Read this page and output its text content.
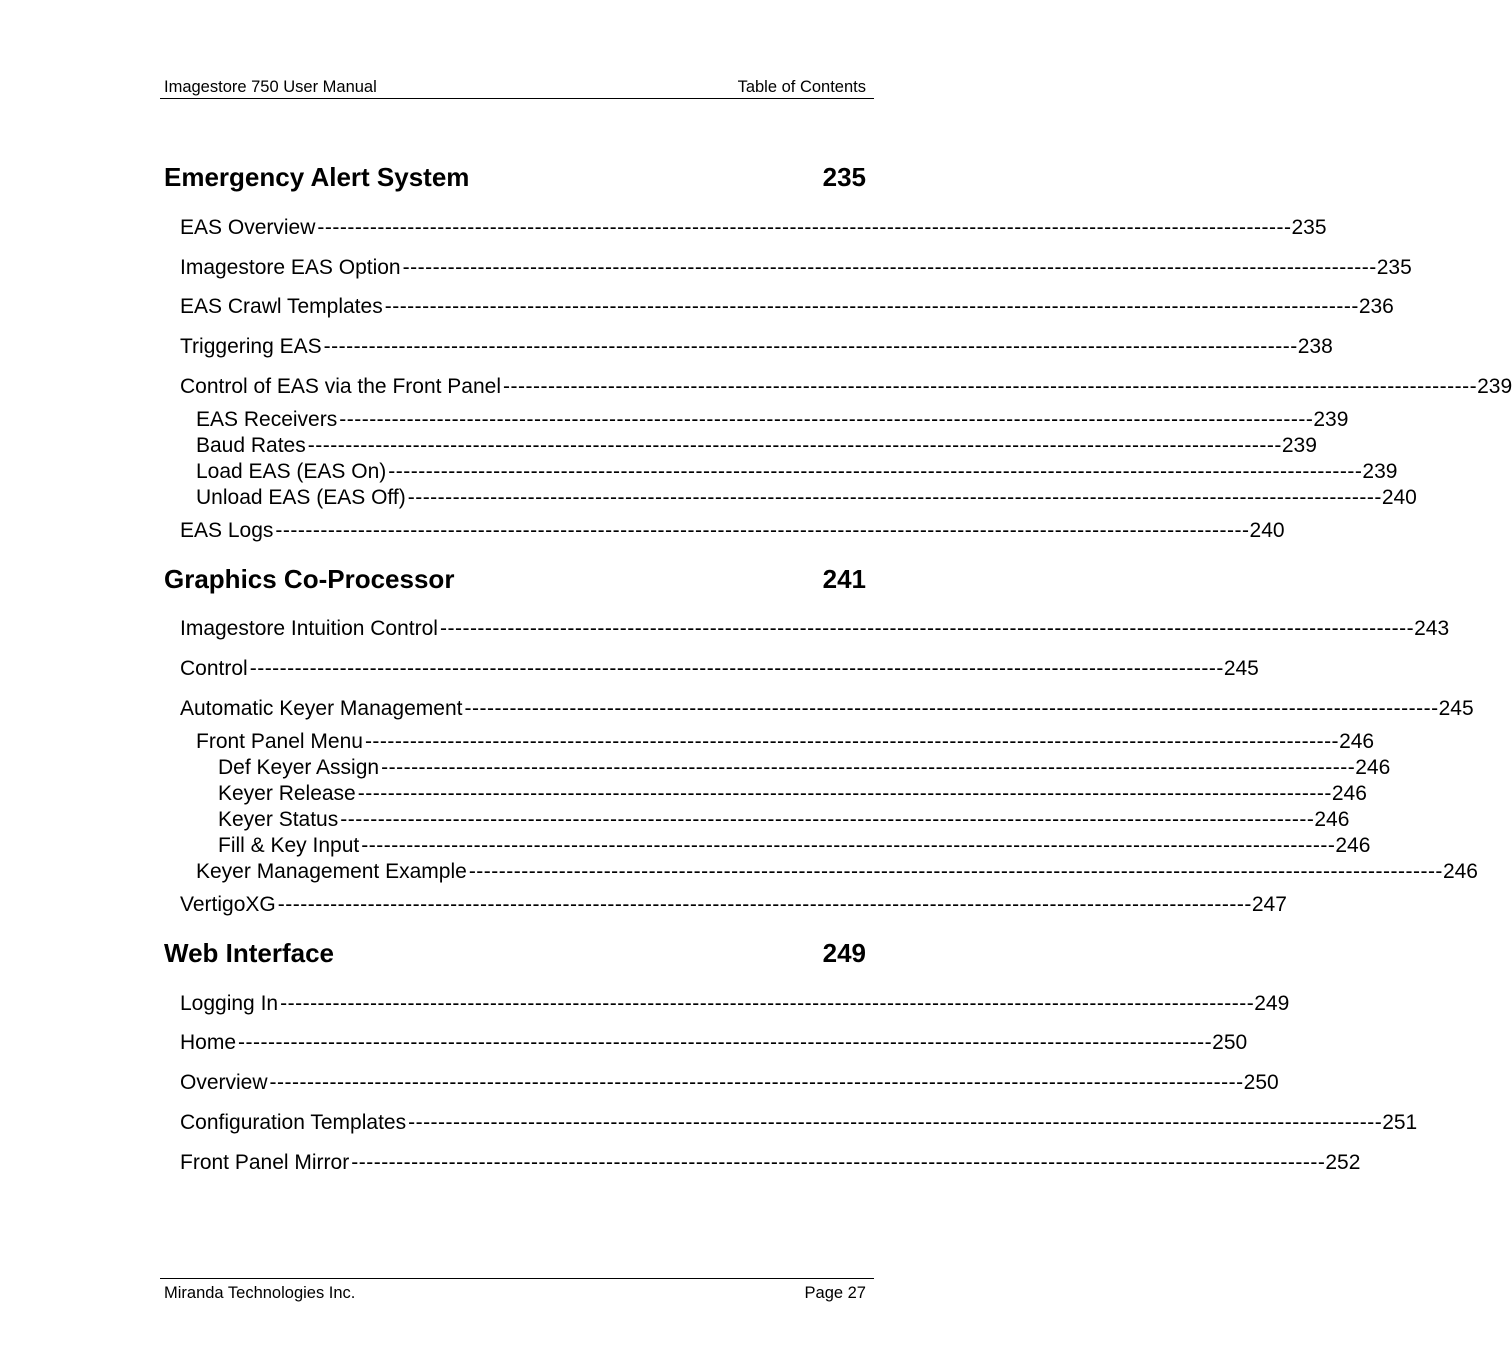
Imagestore 750 User Manual	Table of Contents
Emergency Alert System	235
EAS Overview ---------------------------------------------------------------------------------------------------------------------------------- 235
Imagestore EAS Option ---------------------------------------------------------------------------------------------------------------------------------- 235
EAS Crawl Templates ---------------------------------------------------------------------------------------------------------------------------------- 236
Triggering EAS ---------------------------------------------------------------------------------------------------------------------------------- 238
Control of EAS via the Front Panel ---------------------------------------------------------------------------------------------------------------------------------- 239
EAS Receivers ---------------------------------------------------------------------------------------------------------------------------------- 239
Baud Rates ---------------------------------------------------------------------------------------------------------------------------------- 239
Load EAS (EAS On) ---------------------------------------------------------------------------------------------------------------------------------- 239
Unload EAS (EAS Off) ---------------------------------------------------------------------------------------------------------------------------------- 240
EAS Logs ---------------------------------------------------------------------------------------------------------------------------------- 240
Graphics Co-Processor	241
Imagestore Intuition Control ---------------------------------------------------------------------------------------------------------------------------------- 243
Control ---------------------------------------------------------------------------------------------------------------------------------- 245
Automatic Keyer Management ---------------------------------------------------------------------------------------------------------------------------------- 245
Front Panel Menu ---------------------------------------------------------------------------------------------------------------------------------- 246
Def Keyer Assign ---------------------------------------------------------------------------------------------------------------------------------- 246
Keyer Release ---------------------------------------------------------------------------------------------------------------------------------- 246
Keyer Status ---------------------------------------------------------------------------------------------------------------------------------- 246
Fill & Key Input ---------------------------------------------------------------------------------------------------------------------------------- 246
Keyer Management Example ---------------------------------------------------------------------------------------------------------------------------------- 246
VertigoXG ---------------------------------------------------------------------------------------------------------------------------------- 247
Web Interface	249
Logging In ---------------------------------------------------------------------------------------------------------------------------------- 249
Home ---------------------------------------------------------------------------------------------------------------------------------- 250
Overview ---------------------------------------------------------------------------------------------------------------------------------- 250
Configuration Templates ---------------------------------------------------------------------------------------------------------------------------------- 251
Front Panel Mirror ---------------------------------------------------------------------------------------------------------------------------------- 252
Miranda Technologies Inc.	Page 27
